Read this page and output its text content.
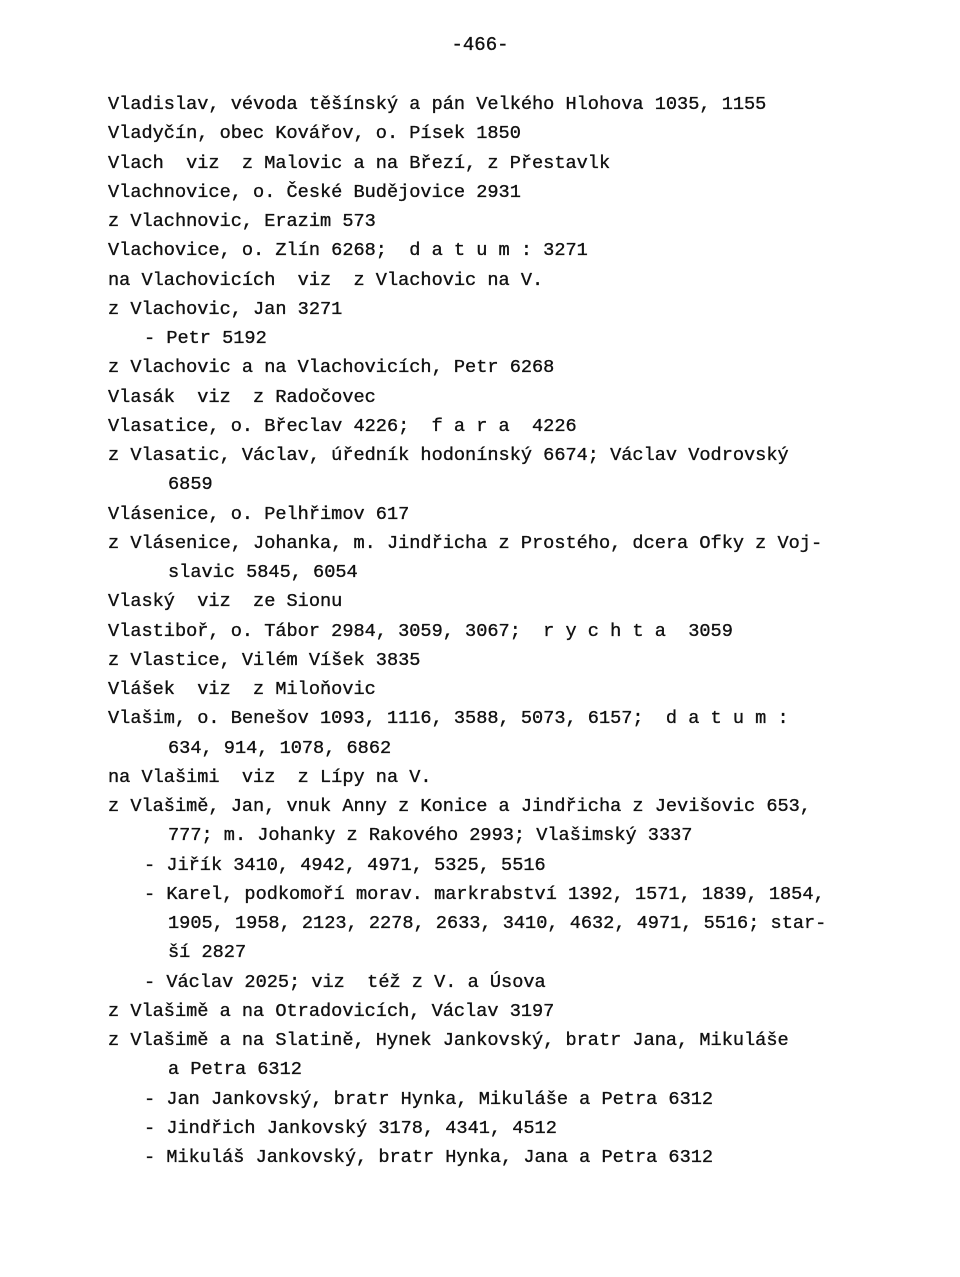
-466-
Vladislav, vévoda těšínský a pán Velkého Hlohova 1035, 1155
Vladyčín, obec Kovářov, o. Písek 1850
Vlach  viz  z Malovic a na Březí, z Přestavlk
Vlachnovice, o. České Budějovice 2931
z Vlachnovic, Erazim 573
Vlachovice, o. Zlín 6268;  d a t u m : 3271
na Vlachovicích  viz  z Vlachovic na V.
z Vlachovic, Jan 3271
- Petr 5192
z Vlachovic a na Vlachovicích, Petr 6268
Vlasák  viz  z Radočovec
Vlasatice, o. Břeclav 4226;  f a r a  4226
z Vlasatic, Václav, úředník hodonínský 6674; Václav Vodrovský
6859
Vlásenice, o. Pelhřimov 617
z Vlásenice, Johanka, m. Jindřicha z Prostého, dcera Ofky z Voj-
slavic 5845, 6054
Vlaský  viz  ze Sionu
Vlastiboř, o. Tábor 2984, 3059, 3067;  r y c h t a  3059
z Vlastice, Vilém Víšek 3835
Vlášek  viz  z Miloňovic
Vlašim, o. Benešov 1093, 1116, 3588, 5073, 6157;  d a t u m :
634, 914, 1078, 6862
na Vlašimi  viz  z Lípy na V.
z Vlašimě, Jan, vnuk Anny z Konice a Jindřicha z Jevišovic 653,
777; m. Johanky z Rakového 2993; Vlašimský 3337
- Jiřík 3410, 4942, 4971, 5325, 5516
- Karel, podkomoří morav. markrabství 1392, 1571, 1839, 1854,
1905, 1958, 2123, 2278, 2633, 3410, 4632, 4971, 5516; star-
ší 2827
- Václav 2025; viz  též z V. a Úsova
z Vlašimě a na Otradovicích, Václav 3197
z Vlašimě a na Slatině, Hynek Jankovský, bratr Jana, Mikuláše
a Petra 6312
- Jan Jankovský, bratr Hynka, Mikuláše a Petra 6312
- Jindřich Jankovský 3178, 4341, 4512
- Mikuláš Jankovský, bratr Hynka, Jana a Petra 6312
